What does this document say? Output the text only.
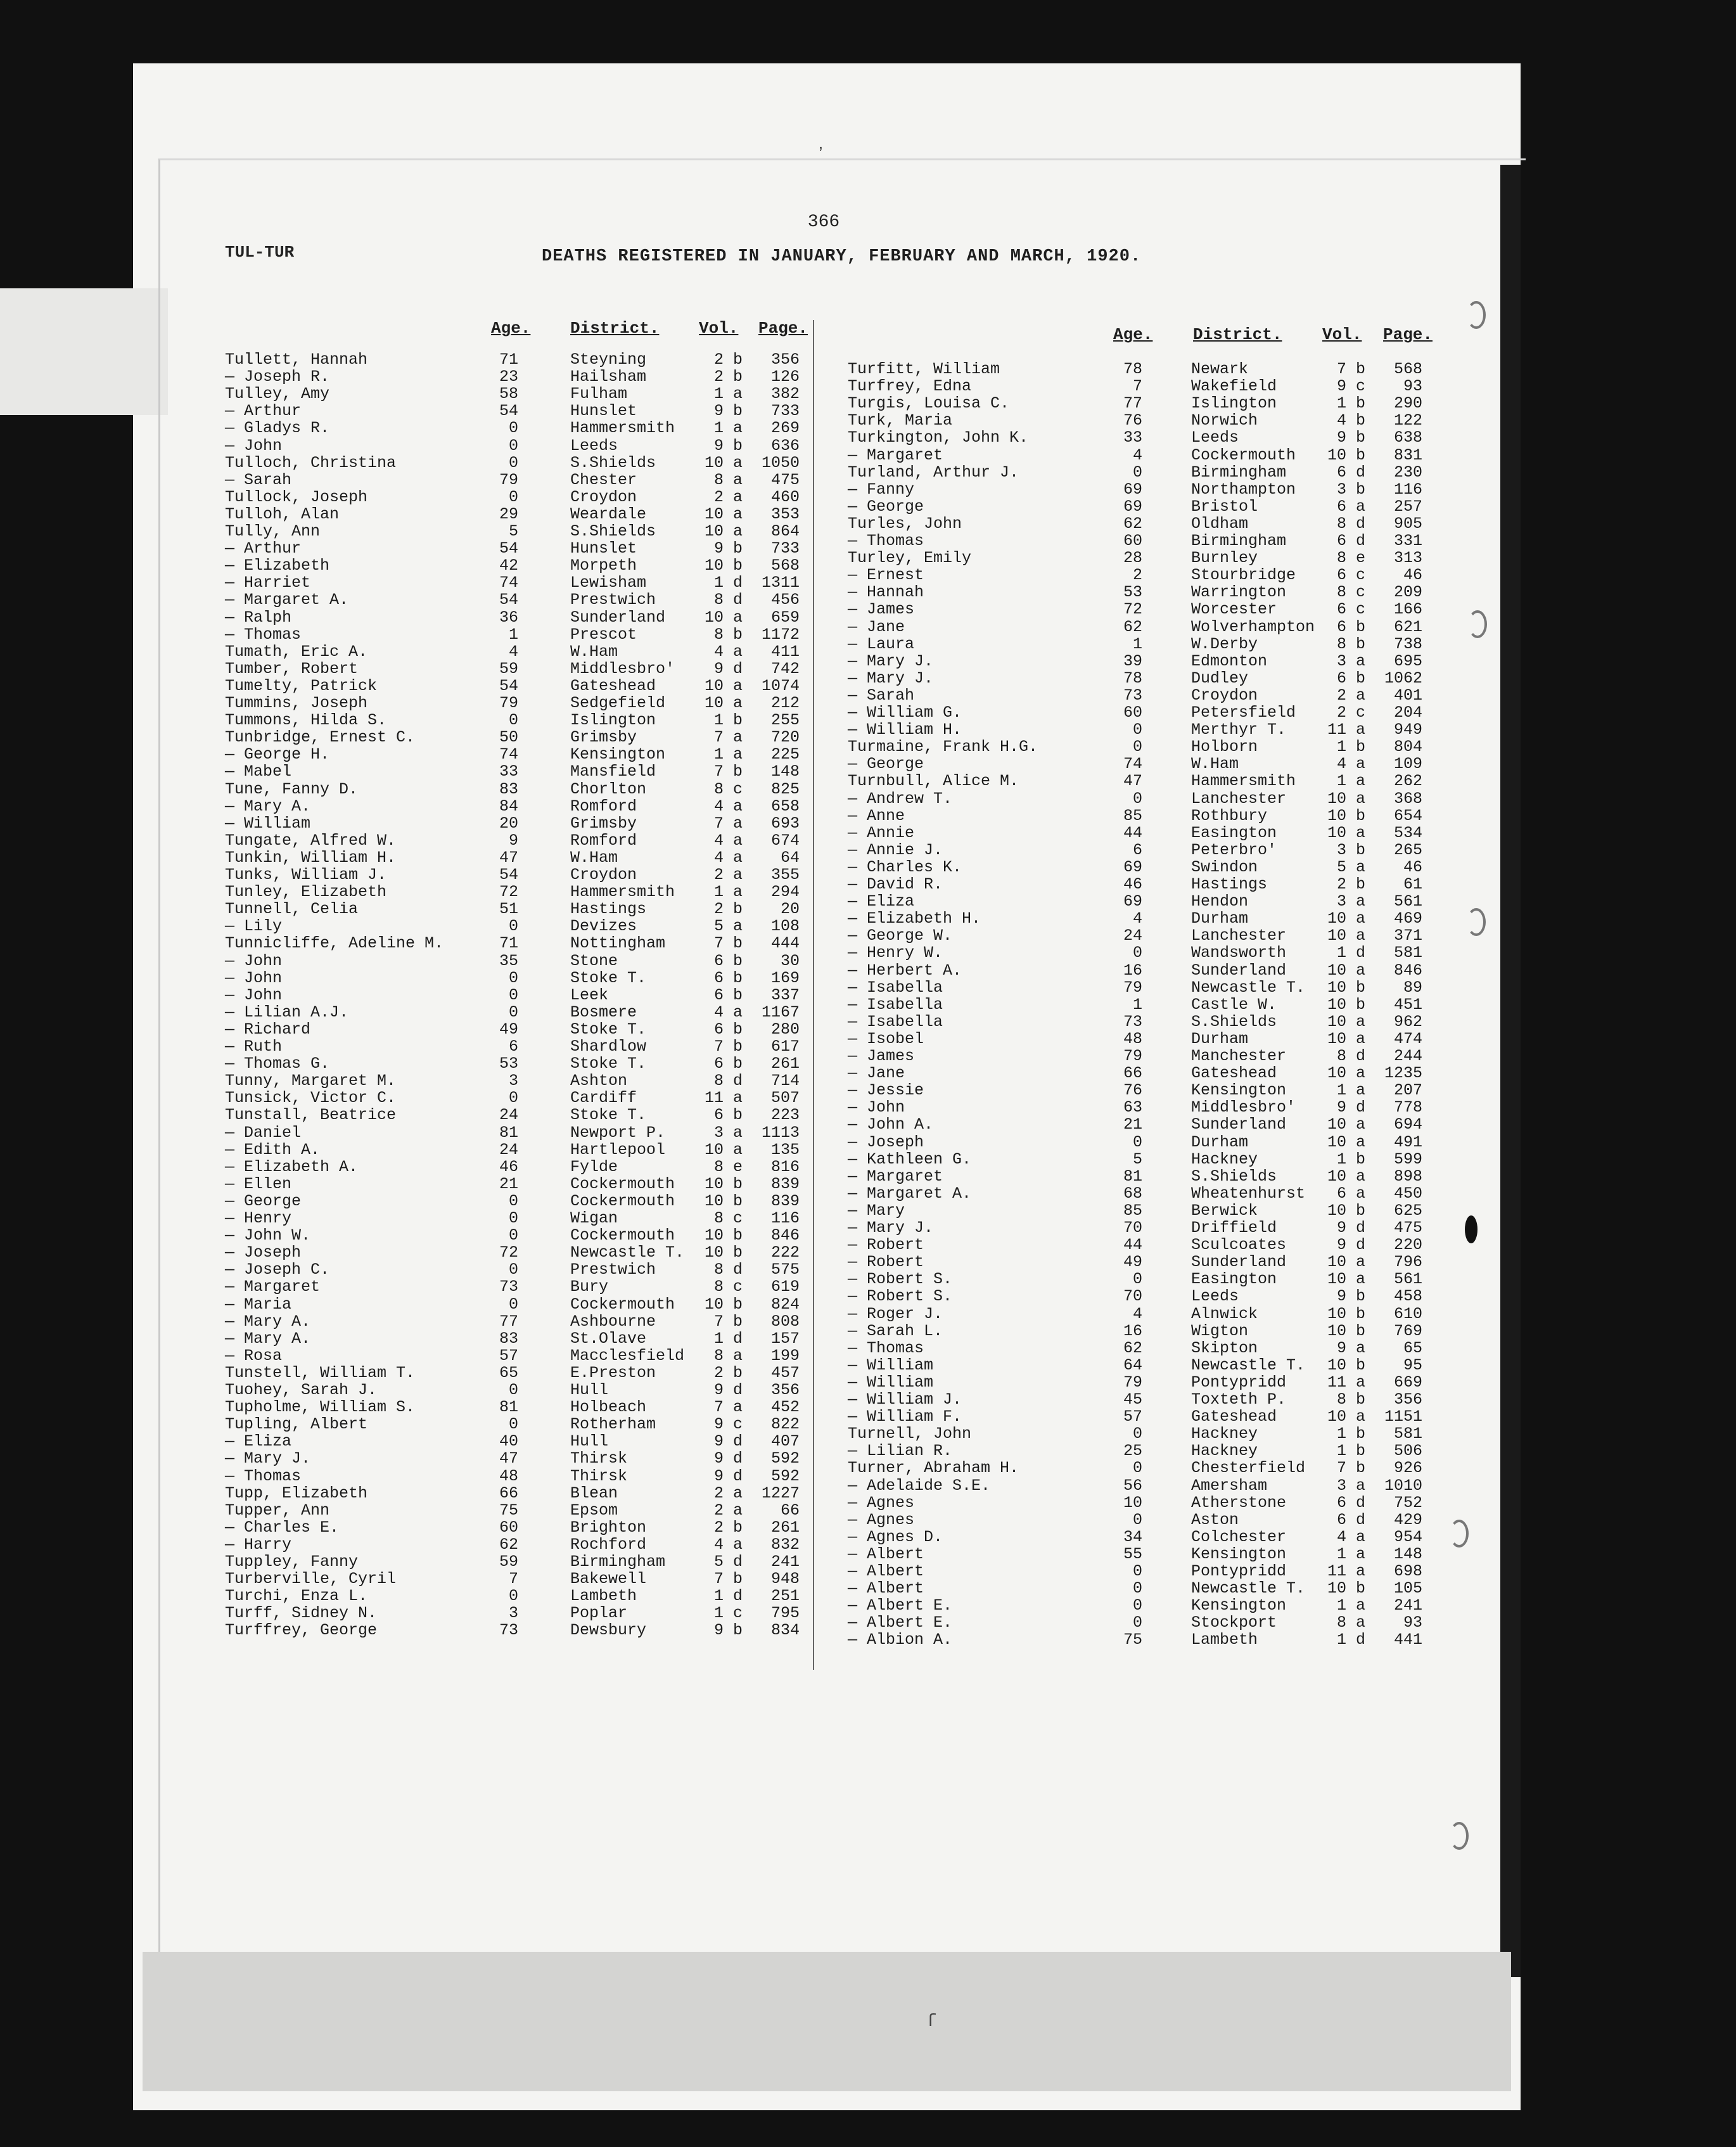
366
TUL-TUR	DEATHS REGISTERED IN JANUARY, FEBRUARY AND MARCH, 1920.
Age. District. Vol. Page.	Age. District. Vol. Page.
Tullett, Hannah	71	Steyning	2 b 356
— Joseph R.	23	Hailsham	2 b 126
Tulley, Amy	58	Fulham	1 a 382
— Arthur	54	Hunslet	9 b 733
— Gladys R.	0	Hammersmith 1 a 269
— John	0	Leeds	9 b 636
Tulloch, Christina	0	S.Shields	10 a 1050
— Sarah	79	Chester	8 a 475
Tullock, Joseph	0	Croydon	2 a 460
Tulloh, Alan	29	Weardale	10 a 353
Tully, Ann	5	S.Shields	10 a 864
— Arthur	54	Hunslet	9 b 733
— Elizabeth	42	Morpeth	10 b 568
— Harriet	74	Lewisham	1 d 1311
— Margaret A.	54	Prestwich	8 d 456
— Ralph	36	Sunderland 10 a 659
— Thomas	1	Prescot	8 b 1172
Tumath, Eric A.	4	W.Ham	4 a 411
Tumber, Robert	59	Middlesbro' 9 d 742
Tumelty, Patrick	54	Gateshead	10 a 1074
Tummins, Joseph	79	Sedgefield 10 a 212
Tummons, Hilda S.	0	Islington	1 b 255
Tunbridge, Ernest C.	50	Grimsby	7 a 720
— George H.	74	Kensington	1 a 225
— Mabel	33	Mansfield	7 b 148
Tune, Fanny D.	83	Chorlton	8 c 825
— Mary A.	84	Romford	4 a 658
— William	20	Grimsby	7 a 693
Tungate, Alfred W.	9	Romford	4 a 674
Tunkin, William H.	47	W.Ham	4 a 64
Tunks, William J.	54	Croydon	2 a 355
Tunley, Elizabeth	72	Hammersmith 1 a 294
Tunnell, Celia	51	Hastings	2 b 20
— Lily	0	Devizes	5 a 108
Tunnicliffe, Adeline M.	71	Nottingham	7 b 444
— John	35	Stone	6 b 30
— John	0	Stoke T.	6 b 169
— John	0	Leek	6 b 337
— Lilian A.J.	0	Bosmere	4 a 1167
— Richard	49	Stoke T.	6 b 280
— Ruth	6	Shardlow	7 b 617
— Thomas G.	53	Stoke T.	6 b 261
Tunny, Margaret M.	3	Ashton	8 d 714
Tunsick, Victor C.	0	Cardiff	11 a 507
Tunstall, Beatrice	24	Stoke T.	6 b 223
— Daniel	81	Newport P.	3 a 1113
— Edith A.	24	Hartlepool 10 a 135
— Elizabeth A.	46	Fylde	8 e 816
— Ellen	21	Cockermouth 10 b 839
— George	0	Cockermouth 10 b 839
— Henry	0	Wigan	8 c 116
— John W.	0	Cockermouth 10 b 846
— Joseph	72	Newcastle T. 10 b 222
— Joseph C.	0	Prestwich	8 d 575
— Margaret	73	Bury	8 c 619
— Maria	0	Cockermouth 10 b 824
— Mary A.	77	Ashbourne	7 b 808
— Mary A.	83	St.Olave	1 d 157
— Rosa	57	Macclesfield 8 a 199
Tunstell, William T.	65	E.Preston	2 b 457
Tuohey, Sarah J.	0	Hull	9 d 356
Tupholme, William S.	81	Holbeach	7 a 452
Tupling, Albert	0	Rotherham	9 c 822
— Eliza	40	Hull	9 d 407
— Mary J.	47	Thirsk	9 d 592
— Thomas	48	Thirsk	9 d 592
Tupp, Elizabeth	66	Blean	2 a 1227
Tupper, Ann	75	Epsom	2 a 66
— Charles E.	60	Brighton	2 b 261
— Harry	62	Rochford	4 a 832
Tuppley, Fanny	59	Birmingham	5 d 241
Turberville, Cyril	7	Bakewell	7 b 948
Turchi, Enza L.	0	Lambeth	1 d 251
Turff, Sidney N.	3	Poplar	1 c 795
Turffrey, George	73	Dewsbury	9 b 834
Turfitt, William	78	Newark	7 b 568
Turfrey, Edna	7	Wakefield	9 c 93
Turgis, Louisa C.	77	Islington	1 b 290
Turk, Maria	76	Norwich	4 b 122
Turkington, John K.	33	Leeds	9 b 638
— Margaret	4	Cockermouth 10 b 831
Turland, Arthur J.	0	Birmingham	6 d 230
— Fanny	69	Northampton	3 b 116
— George	69	Bristol	6 a 257
Turles, John	62	Oldham	8 d 905
— Thomas	60	Birmingham	6 d 331
Turley, Emily	28	Burnley	8 e 313
— Ernest	2	Stourbridge	6 c 46
— Hannah	53	Warrington	8 c 209
— James	72	Worcester	6 c 166
— Jane	62	Wolverhampton 6 b 621
— Laura	1	W.Derby	8 b 738
— Mary J.	39	Edmonton	3 a 695
— Mary J.	78	Dudley	6 b 1062
— Sarah	73	Croydon	2 a 401
— William G.	60	Petersfield	2 c 204
— William H.	0	Merthyr T.	11 a 949
Turmaine, Frank H.G.	0	Holborn	1 b 804
— George	74	W.Ham	4 a 109
Turnbull, Alice M.	47	Hammersmith	1 a 262
— Andrew T.	0	Lanchester	10 a 368
— Anne	85	Rothbury	10 b 654
— Annie	44	Easington	10 a 534
— Annie J.	6	Peterbro'	3 b 265
— Charles K.	69	Swindon	5 a 46
— David R.	46	Hastings	2 b 61
— Eliza	69	Hendon	3 a 561
— Elizabeth H.	4	Durham	10 a 469
— George W.	24	Lanchester	10 a 371
— Henry W.	0	Wandsworth	1 d 581
— Herbert A.	16	Sunderland	10 a 846
— Isabella	79	Newcastle T. 10 b 89
— Isabella	1	Castle W.	10 b 451
— Isabella	73	S.Shields	10 a 962
— Isobel	48	Durham	10 a 474
— James	79	Manchester	8 d 244
— Jane	66	Gateshead	10 a 1235
— Jessie	76	Kensington	1 a 207
— John	63	Middlesbro'	9 d 778
— John A.	21	Sunderland	10 a 694
— Joseph	0	Durham	10 a 491
— Kathleen G.	5	Hackney	1 b 599
— Margaret	81	S.Shields	10 a 898
— Margaret A.	68	Wheatenhurst 6 a 450
— Mary	85	Berwick	10 b 625
— Mary J.	70	Driffield	9 d 475
— Robert	44	Sculcoates	9 d 220
— Robert	49	Sunderland	10 a 796
— Robert S.	0	Easington	10 a 561
— Robert S.	70	Leeds	9 b 458
— Roger J.	4	Alnwick	10 b 610
— Sarah L.	16	Wigton	10 b 769
— Thomas	62	Skipton	9 a 65
— William	64	Newcastle T. 10 b 95
— William	79	Pontypridd	11 a 669
— William J.	45	Toxteth P.	8 b 356
— William F.	57	Gateshead	10 a 1151
Turnell, John	0	Hackney	1 b 581
— Lilian R.	25	Hackney	1 b 506
Turner, Abraham H.	0	Chesterfield 7 b 926
— Adelaide S.E.	56	Amersham	3 a 1010
— Agnes	10	Atherstone	6 d 752
— Agnes	0	Aston	6 d 429
— Agnes D.	34	Colchester	4 a 954
— Albert	55	Kensington	1 a 148
— Albert	0	Pontypridd	11 a 698
— Albert	0	Newcastle T. 10 b 105
— Albert E.	0	Kensington	1 a 241
— Albert E.	0	Stockport	8 a 93
— Albion A.	75	Lambeth	1 d 441
ʼ
ſ
